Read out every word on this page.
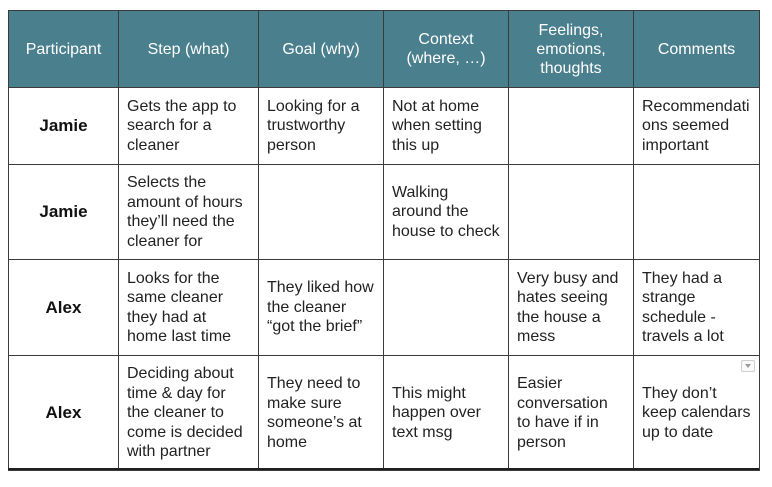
Participant	Step (what)	Goal (why)	Context (where, …)	Feelings, emotions, thoughts	Comments
Jamie	Gets the app to search for a cleaner	Looking for a trustworthy person	Not at home when setting this up		Recommendations seemed important
Jamie	Selects the amount of hours they’ll need the cleaner for		Walking around the house to check		
Alex	Looks for the same cleaner they had at home last time	They liked how the cleaner “got the brief”		Very busy and hates seeing the house a mess	They had a strange schedule - travels a lot
Alex	Deciding about time & day for the cleaner to come is decided with partner	They need to make sure someone’s at home	This might happen over text msg	Easier conversation to have if in person	They don’t keep calendars up to date
